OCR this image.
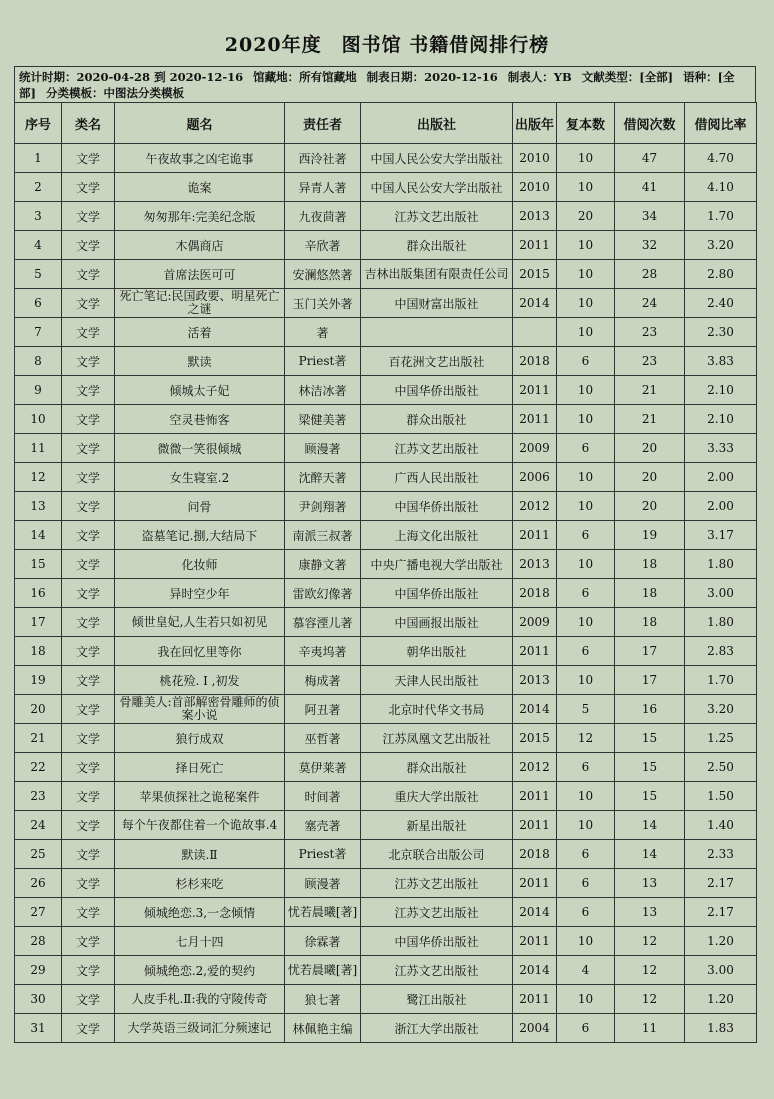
2020年度　图书馆 书籍借阅排行榜
统计时期：2020-04-28 到 2020-12-16 馆藏地：所有馆藏地 制表日期：2020-12-16 制表人：YB 文献类型：[全部] 语种：[全部] 分类模板：中图法分类模板
序号	类名	题名	责任者	出版社	出版年	复本数	借阅次数	借阅比率
1	文学	午夜故事之凶宅诡事	西泠社著	中国人民公安大学出版社	2010	10	47	4.70
2	文学	诡案	异青人著	中国人民公安大学出版社	2010	10	41	4.10
3	文学	匆匆那年:完美纪念版	九夜茴著	江苏文艺出版社	2013	20	34	1.70
4	文学	木偶商店	辛欣著	群众出版社	2011	10	32	3.20
5	文学	首席法医可可	安澜悠然著	吉林出版集团有限责任公司	2015	10	28	2.80
6	文学	死亡笔记:民国政要、明星死亡之谜	玉门关外著	中国财富出版社	2014	10	24	2.40
7	文学	活着	著			10	23	2.30
8	文学	默读	Priest著	百花洲文艺出版社	2018	6	23	3.83
9	文学	倾城太子妃	林洁冰著	中国华侨出版社	2011	10	21	2.10
10	文学	空灵巷怖客	梁健美著	群众出版社	2011	10	21	2.10
11	文学	微微一笑很倾城	顾漫著	江苏文艺出版社	2009	6	20	3.33
12	文学	女生寝室.2	沈醉天著	广西人民出版社	2006	10	20	2.00
13	文学	问骨	尹剑翔著	中国华侨出版社	2012	10	20	2.00
14	文学	盗墓笔记.捌,大结局下	南派三叔著	上海文化出版社	2011	6	19	3.17
15	文学	化妆师	康静文著	中央广播电视大学出版社	2013	10	18	1.80
16	文学	异时空少年	雷欧幻像著	中国华侨出版社	2018	6	18	3.00
17	文学	倾世皇妃,人生若只如初见	慕容湮儿著	中国画报出版社	2009	10	18	1.80
18	文学	我在回忆里等你	辛夷坞著	朝华出版社	2011	6	17	2.83
19	文学	桃花殓. I ,初发	梅成著	天津人民出版社	2013	10	17	1.70
20	文学	骨雕美人:首部解密骨雕师的侦案小说	阿丑著	北京时代华文书局	2014	5	16	3.20
21	文学	狼行成双	巫哲著	江苏凤凰文艺出版社	2015	12	15	1.25
22	文学	择日死亡	莫伊莱著	群众出版社	2012	6	15	2.50
23	文学	苹果侦探社之诡秘案件	时间著	重庆大学出版社	2011	10	15	1.50
24	文学	每个午夜都住着一个诡故事.4	塞壳著	新星出版社	2011	10	14	1.40
25	文学	默读.Ⅱ	Priest著	北京联合出版公司	2018	6	14	2.33
26	文学	杉杉来吃	顾漫著	江苏文艺出版社	2011	6	13	2.17
27	文学	倾城绝恋.3,一念倾情	忧若晨曦[著]	江苏文艺出版社	2014	6	13	2.17
28	文学	七月十四	徐霖著	中国华侨出版社	2011	10	12	1.20
29	文学	倾城绝恋.2,爱的契约	忧若晨曦[著]	江苏文艺出版社	2014	4	12	3.00
30	文学	人皮手札.Ⅱ:我的守陵传奇	狼七著	鹭江出版社	2011	10	12	1.20
31	文学	大学英语三级词汇分频速记	林佩艳主编	浙江大学出版社	2004	6	11	1.83
